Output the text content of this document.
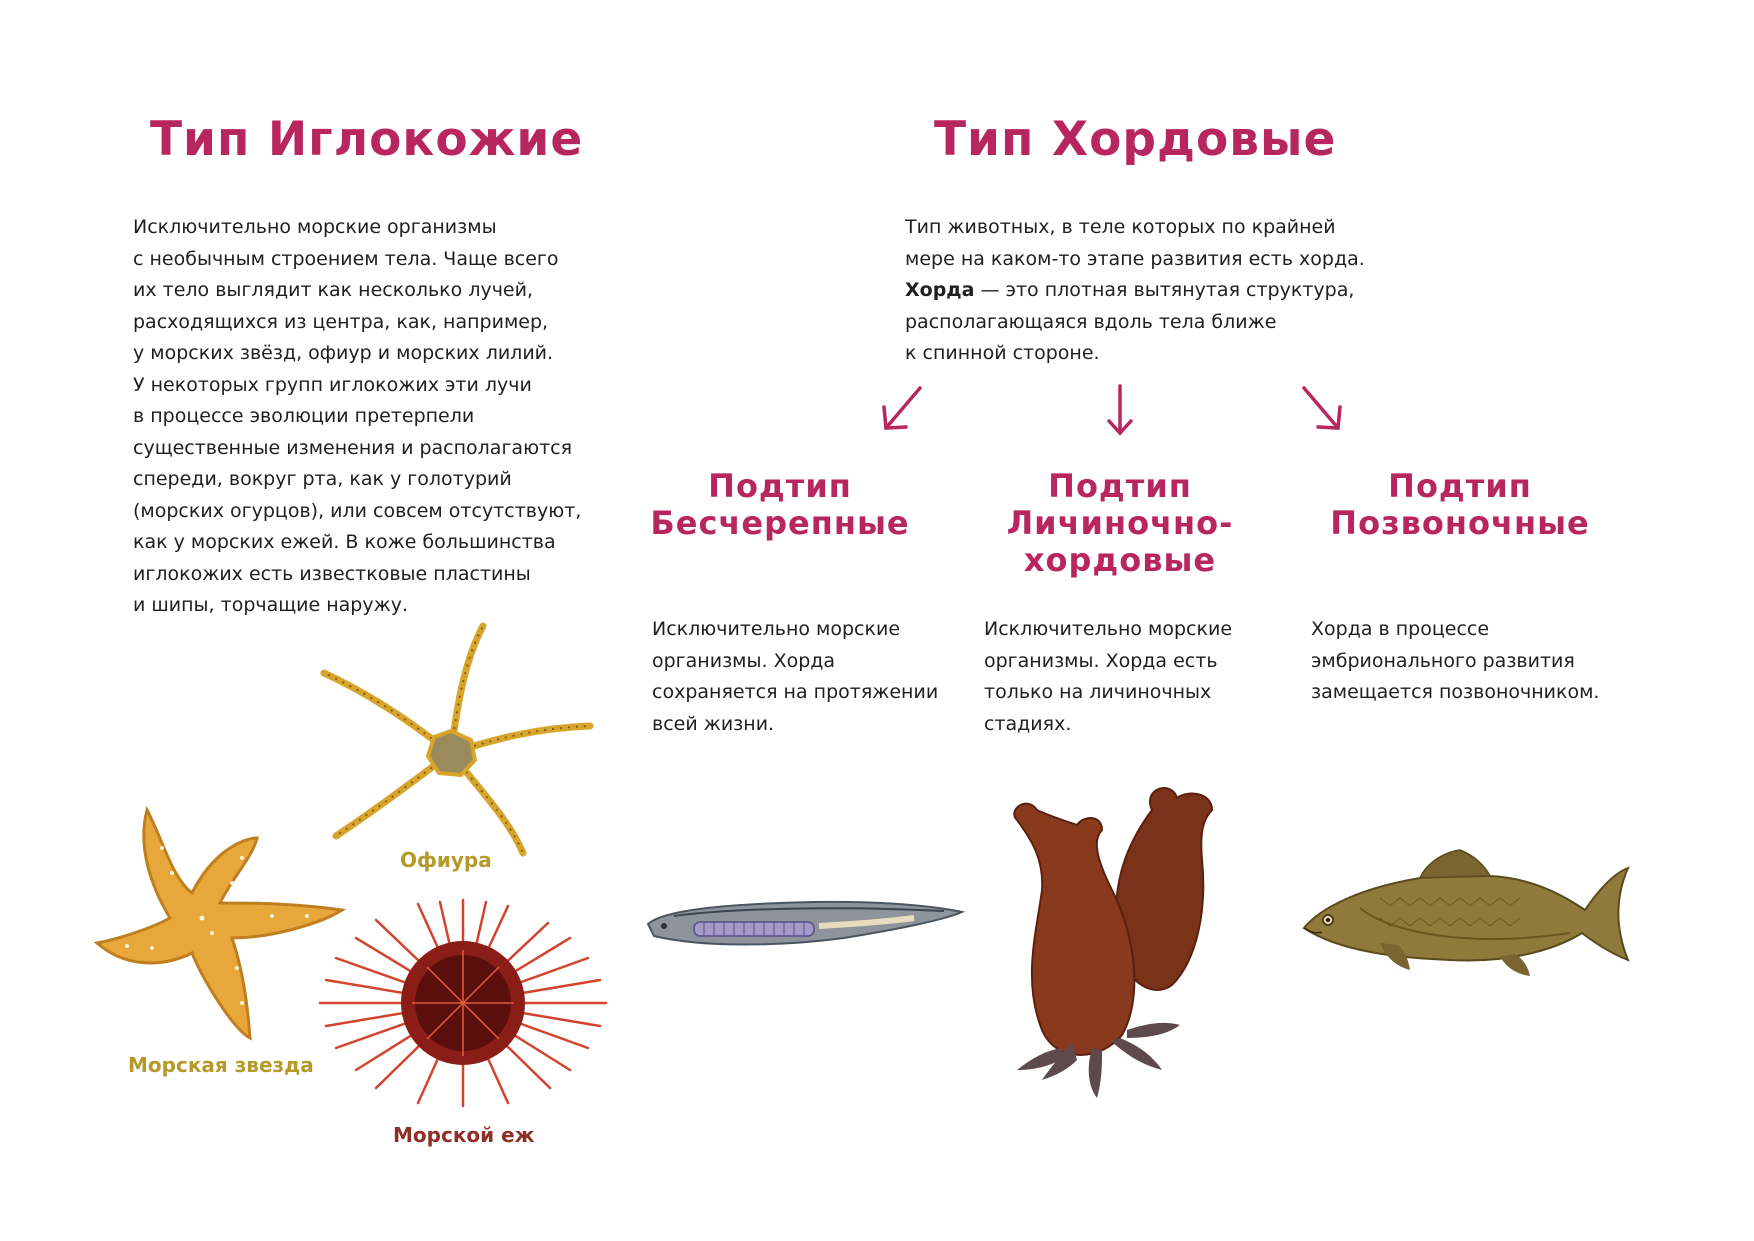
Тип Иглокожие
Исключительно морские организмы
с необычным строением тела. Чаще всего
их тело выглядит как несколько лучей,
расходящихся из центра, как, например,
у морских звёзд, офиур и морских лилий.
У некоторых групп иглокожих эти лучи
в процессе эволюции претерпели
существенные изменения и располагаются
спереди, вокруг рта, как у голотурий
(морских огурцов), или совсем отсутствуют,
как у морских ежей. В коже большинства
иглокожих есть известковые пластины
и шипы, торчащие наружу.
Офиура
Морская звезда
Морской еж
Тип Хордовые
Тип животных, в теле которых по крайней
мере на каком-то этапе развития есть хорда.
Хорда — это плотная вытянутая структура,
располагающаяся вдоль тела ближе
к спинной стороне.
Подтип
Бесчерепные
Исключительно морские
организмы. Хорда
сохраняется на протяжении
всей жизни.
Подтип
Личиночно-
хордовые
Исключительно морские
организмы. Хорда есть
только на личиночных
стадиях.
Подтип
Позвоночные
Хорда в процессе
эмбрионального развития
замещается позвоночником.
